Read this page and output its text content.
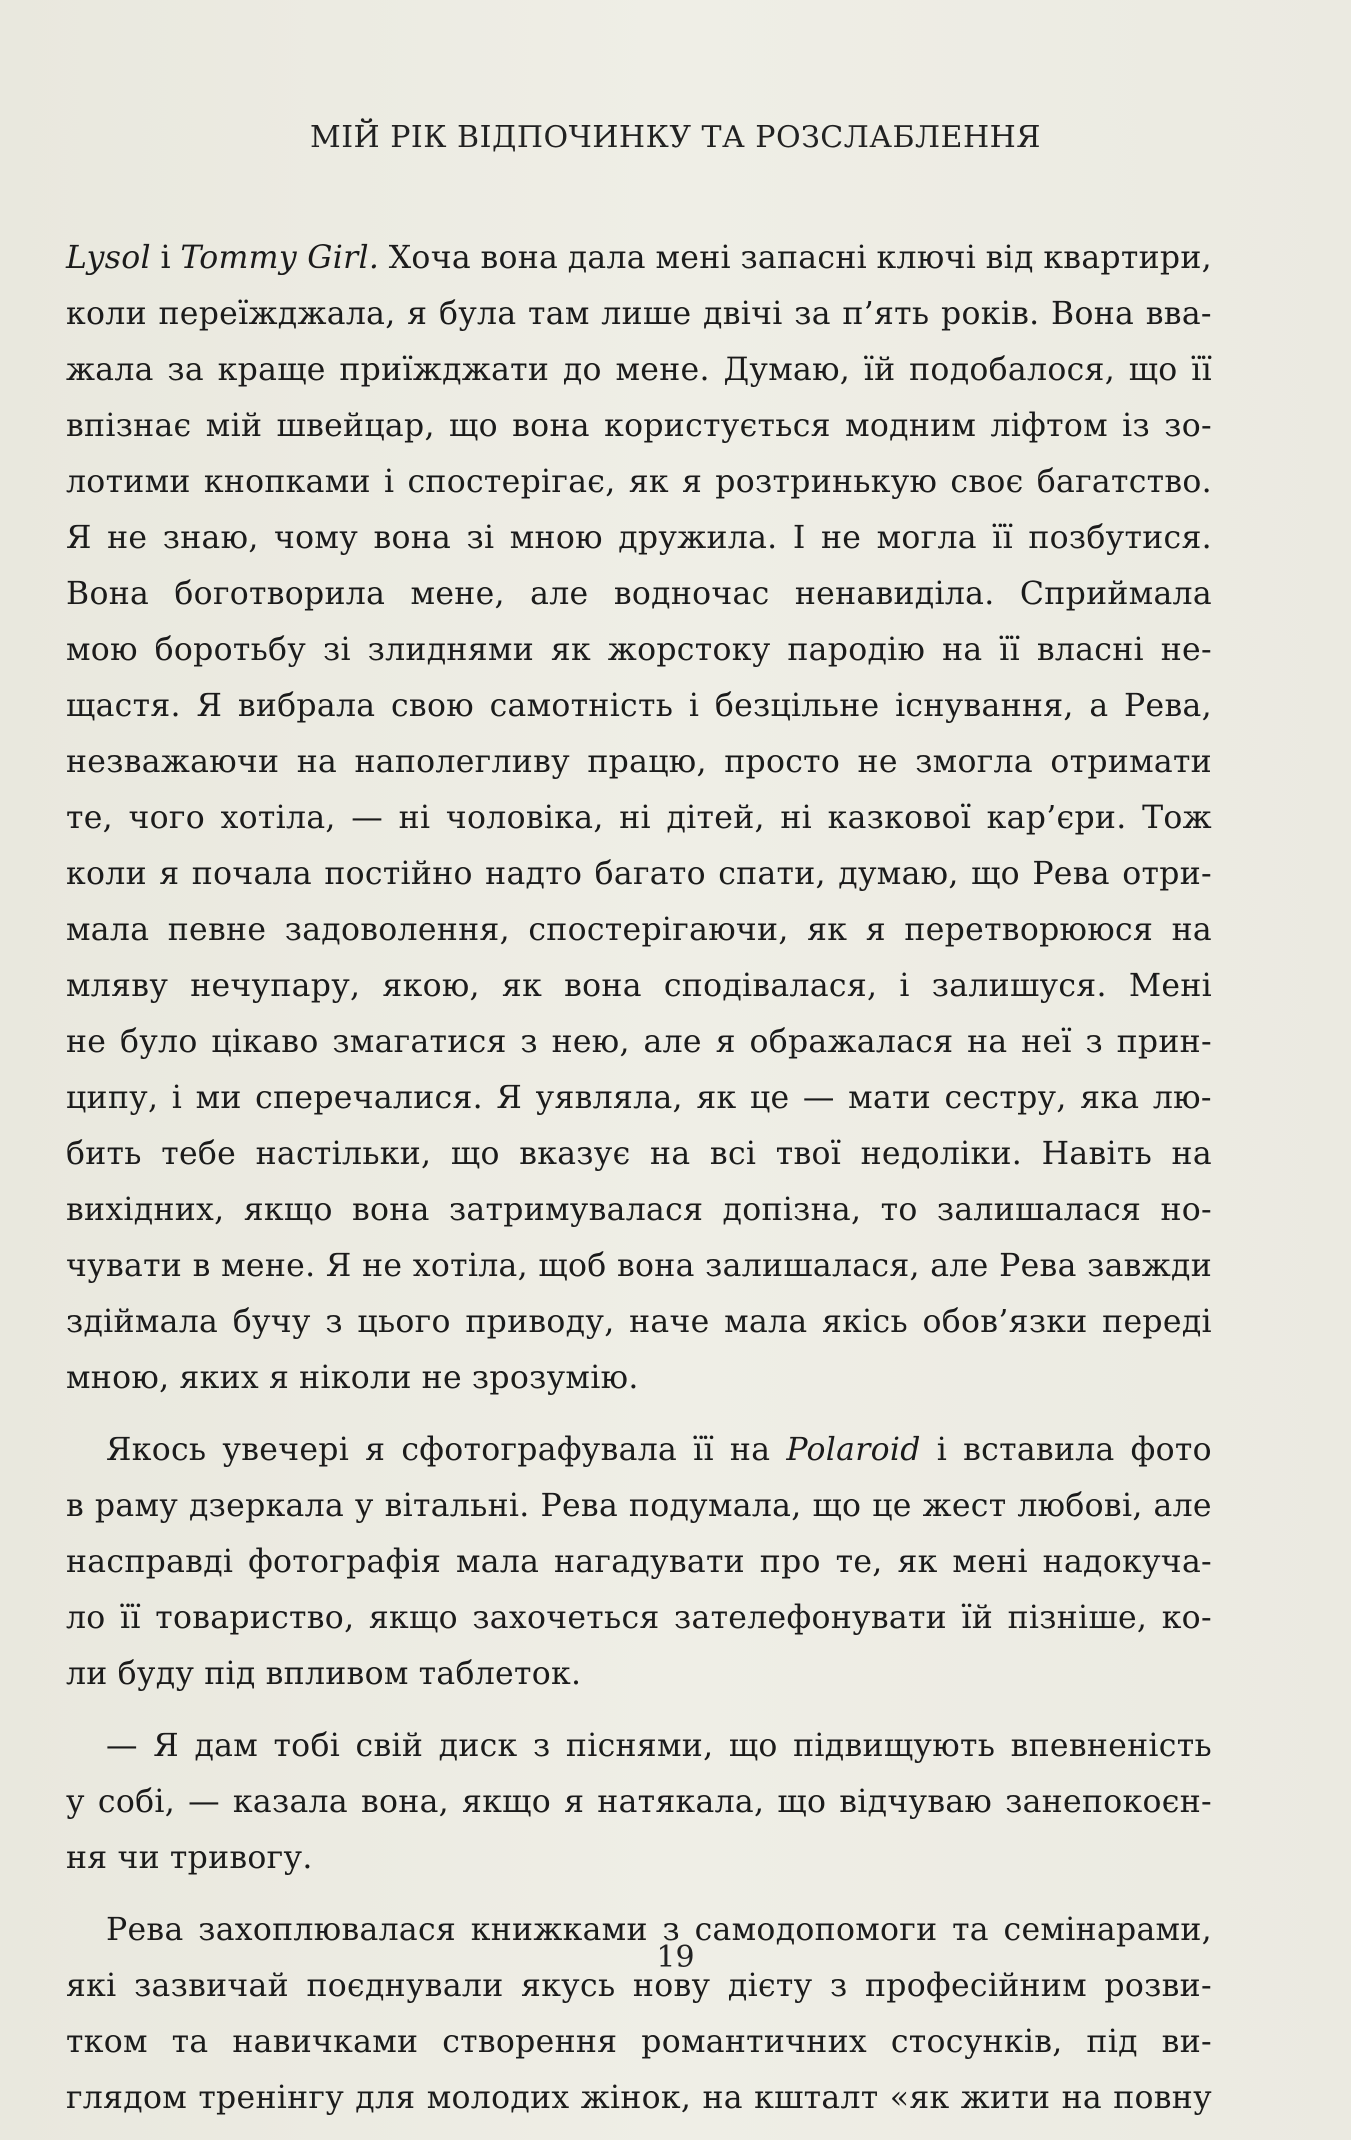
МІЙ РІК ВІДПОЧИНКУ ТА РОЗСЛАБЛЕННЯ
Lysol і Tommy Girl. Хоча вона дала мені запасні ключі від квартири,
коли переїжджала, я була там лише двічі за п’ять років. Вона вва-
жала за краще приїжджати до мене. Думаю, їй подобалося, що її
впізнає мій швейцар, що вона користується модним ліфтом із зо-
лотими кнопками і спостерігає, як я розтринькую своє багатство.
Я не знаю, чому вона зі мною дружила. І не могла її позбутися.
Вона боготворила мене, але водночас ненавиділа. Сприймала
мою боротьбу зі злиднями як жорстоку пародію на її власні не-
щастя. Я вибрала свою самотність і безцільне існування, а Рева,
незважаючи на наполегливу працю, просто не змогла отримати
те, чого хотіла, — ні чоловіка, ні дітей, ні казкової кар’єри. Тож
коли я почала постійно надто багато спати, думаю, що Рева отри-
мала певне задоволення, спостерігаючи, як я перетворююся на
мляву нечупару, якою, як вона сподівалася, і залишуся. Мені
не було цікаво змагатися з нею, але я ображалася на неї з прин-
ципу, і ми сперечалися. Я уявляла, як це — мати сестру, яка лю-
бить тебе настільки, що вказує на всі твої недоліки. Навіть на
вихідних, якщо вона затримувалася допізна, то залишалася но-
чувати в мене. Я не хотіла, щоб вона залишалася, але Рева завжди
здіймала бучу з цього приводу, наче мала якісь обов’язки переді
мною, яких я ніколи не зрозумію.
Якось увечері я сфотографувала її на Polaroid і вставила фото
в раму дзеркала у вітальні. Рева подумала, що це жест любові, але
насправді фотографія мала нагадувати про те, як мені надокуча-
ло її товариство, якщо захочеться зателефонувати їй пізніше, ко-
ли буду під впливом таблеток.
— Я дам тобі свій диск з піснями, що підвищують впевненість
у собі, — казала вона, якщо я натякала, що відчуваю занепокоєн-
ня чи тривогу.
Рева захоплювалася книжками з самодопомоги та семінарами,
які зазвичай поєднували якусь нову дієту з професійним розви-
тком та навичками створення романтичних стосунків, під ви-
глядом тренінгу для молодих жінок, на кшталт «як жити на повну
19
